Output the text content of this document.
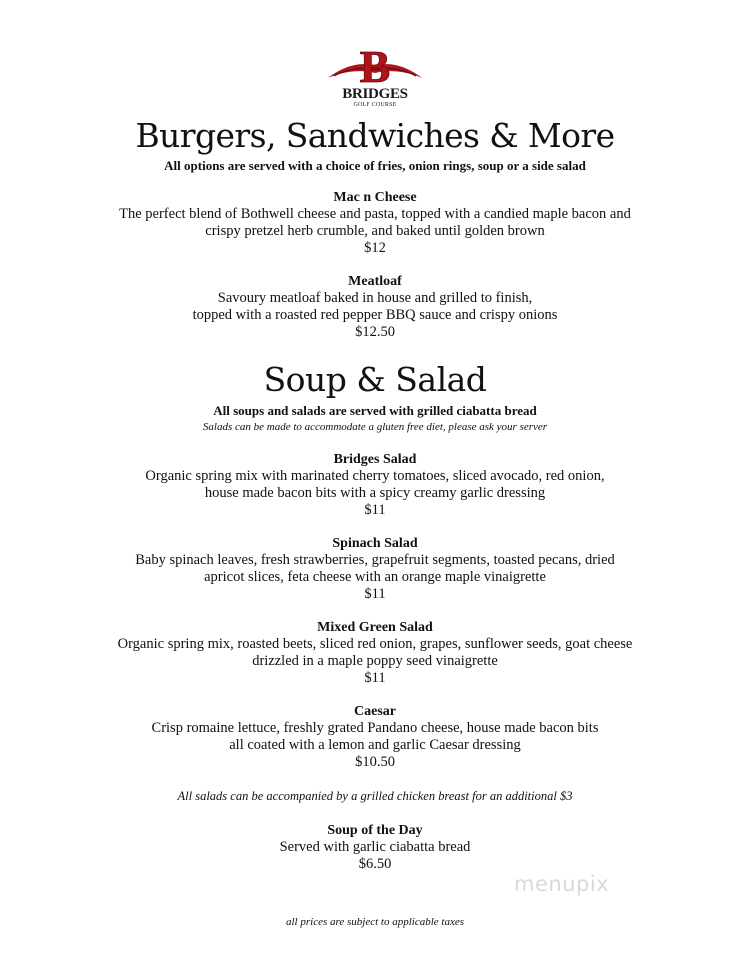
B
BRIDGES
GOLF COURSE
Burgers, Sandwiches & More
All options are served with a choice of fries, onion rings, soup or a side salad
Mac n Cheese
The perfect blend of Bothwell cheese and pasta, topped with a candied maple bacon and
crispy pretzel herb crumble, and baked until golden brown
$12
Meatloaf
Savoury meatloaf baked in house and grilled to finish,
topped with a roasted red pepper BBQ sauce and crispy onions
$12.50
Soup & Salad
All soups and salads are served with grilled ciabatta bread
Salads can be made to accommodate a gluten free diet, please ask your server
Bridges Salad
Organic spring mix with marinated cherry tomatoes, sliced avocado, red onion,
house made bacon bits with a spicy creamy garlic dressing
$11
Spinach Salad
Baby spinach leaves, fresh strawberries, grapefruit segments, toasted pecans, dried
apricot slices, feta cheese with an orange maple vinaigrette
$11
Mixed Green Salad
Organic spring mix, roasted beets, sliced red onion, grapes, sunflower seeds, goat cheese
drizzled in a maple poppy seed vinaigrette
$11
Caesar
Crisp romaine lettuce, freshly grated Pandano cheese, house made bacon bits
all coated with a lemon and garlic Caesar dressing
$10.50
All salads can be accompanied by a grilled chicken breast for an additional $3
Soup of the Day
Served with garlic ciabatta bread
$6.50
all prices are subject to applicable taxes
menupix
